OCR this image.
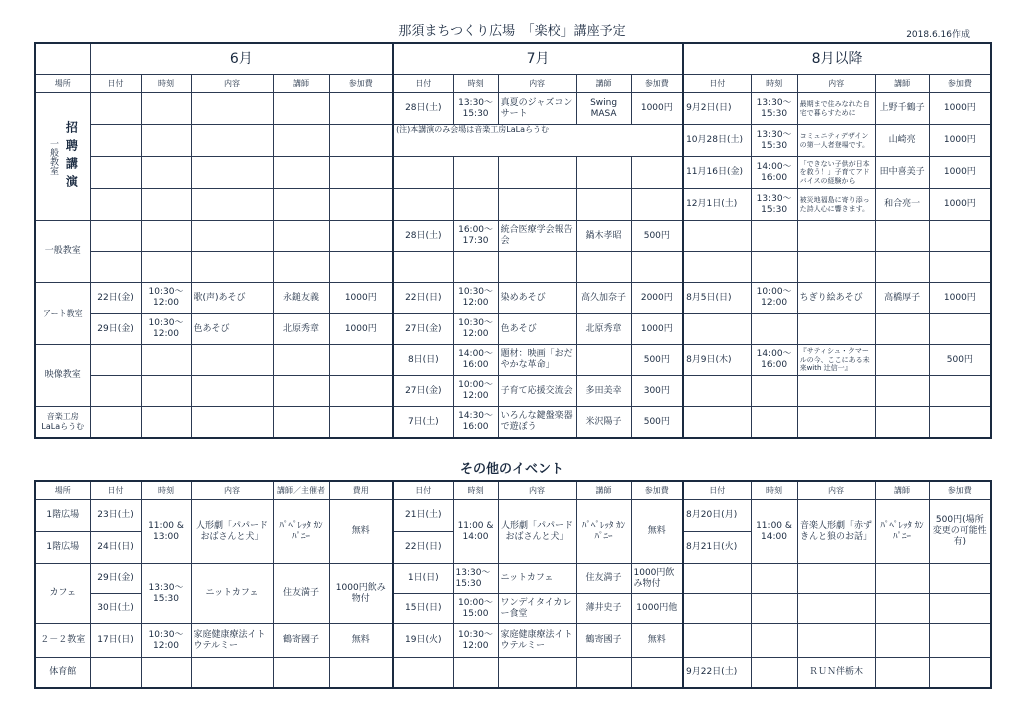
那須まちつくり広場　「楽校」講座予定	2018.6.16作成
	6月					7月					8月以降				
場所	日付	時刻	内容	講師	参加費	日付	時刻	内容	講師	参加費	日付	時刻	内容	講師	参加費

一般教室 招聘講演						28日(土)	13:30～15:30	真夏のジャズコンサート	Swing MASA	1000円	9月2日(日)	13:30～15:30	最期まで住みなれた自宅で暮らすために	上野千鶴子	1000円
						(注)本講演のみ会場は音楽工房LaLaらうむ					10月28日(土)	13:30～15:30	コミュニティデザインの第一人者登場です。	山崎亮	1000円
											11月16日(金)	14:00～16:00	「できない子供が日本を救う！」子育てアドバイスの経験から	田中喜美子	1000円
											12月1日(土)	13:30～15:30	被災地福島に寄り添った詩人心に響きます。	和合亮一	1000円
一般教室						28日(土)	16:00～17:30	統合医療学会報告会	鍋木孝昭	500円					

アート教室	22日(金)	10:30～12:00	歌(声)あそび	永鎚友義	1000円	22日(日)	10:30～12:00	染めあそび	高久加奈子	2000円	8月5日(日)	10:00～12:00	ちぎり絵あそび	高橋厚子	1000円
	29日(金)	10:30～12:00	色あそび	北原秀章	1000円	27日(金)	10:30～12:00	色あそび	北原秀章	1000円					
映像教室						8日(日)	14:00～16:00	題材：映画「おだやかな革命」		500円	8月9日(木)	14:00～16:00	『サティシュ・クマールの今、ここにある未来with 辻信一』		500円
						27日(金)	10:00～12:00	子育て応援交流会	多田美幸	300円					
音楽工房LaLaらうむ						7日(土)	14:30～16:00	いろんな鍵盤楽器で遊ぼう	米沢陽子	500円					
その他のイベント
場所	日付	時刻	内容	講師／主催者	費用	日付	時刻	内容	講師	参加費	日付	時刻	内容	講師	参加費
1階広場	23日(土)	11:00 & 13:00	人形劇「パパードおばさんと犬」	ﾊﾟﾍﾟﾚｯﾀ ｶﾝﾊﾟﾆｰ	無料	21日(土)	11:00 & 14:00	人形劇「パパードおばさんと犬」	ﾊﾟﾍﾟﾚｯﾀ ｶﾝﾊﾟﾆｰ	無料	8月20日(月)	11:00 & 14:00	音楽人形劇「赤ずきんと狼のお話」	ﾊﾟﾍﾟﾚｯﾀ ｶﾝﾊﾟﾆｰ	500円(場所変更の可能性有)
1階広場	24日(日)					22日(日)					8月21日(火)				
カフェ	29日(金)	13:30～15:30	ニットカフェ	住友満子	1000円飲み物付	1日(日)	13:30～15:30	ニットカフェ	住友満子	1000円飲み物付					
	30日(土)					15日(日)	10:00～15:00	ワンデイタイカレー食堂	薄井史子	1000円他					
２－２教室	17日(日)	10:30～12:00	家庭健康療法イトウテルミー	鶴寄國子	無料	19日(火)	10:30～12:00	家庭健康療法イトウテルミー	鶴寄國子	無料					
体育館											9月22日(土)		ＲＵＮ伴栃木		
